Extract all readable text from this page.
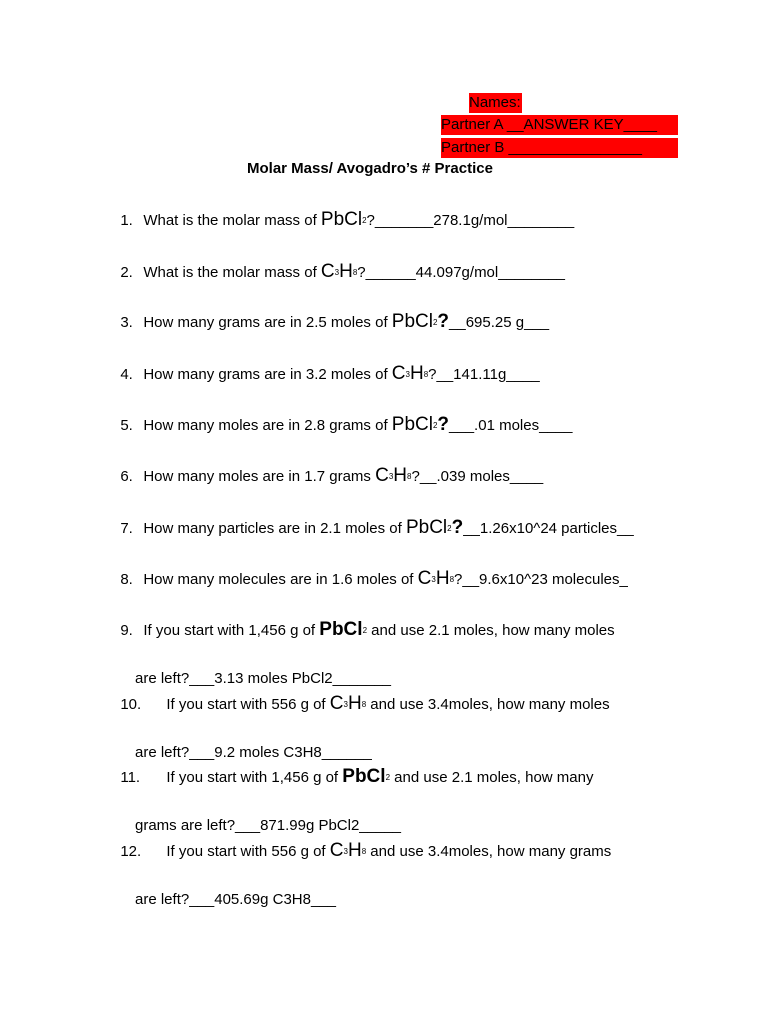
Names:
Partner A __ANSWER KEY____
Partner B ________________
Molar Mass/ Avogadro’s # Practice

1. What is the molar mass of PbCl2?_______278.1g/mol________

2. What is the molar mass of C3H8?______44.097g/mol________

3. How many grams are in 2.5 moles of PbCl2?__695.25 g___

4. How many grams are in 3.2 moles of C3H8?__141.11g____

5. How many moles are in 2.8 grams of PbCl2?___.01 moles____

6. How many moles are in 1.7 grams C3H8?__.039 moles____

7. How many particles are in 2.1 moles of PbCl2?__1.26x10^24 particles__

8. How many molecules are in 1.6 moles of C3H8?__9.6x10^23 molecules_

9. If you start with 1,456 g of PbCl2 and use 2.1 moles, how many moles

are left?___3.13 moles PbCl2_______

10. If you start with 556 g of C3H8 and use 3.4moles, how many moles

are left?___9.2 moles C3H8______

11. If you start with 1,456 g of PbCl2 and use 2.1 moles, how many

grams are left?___871.99g PbCl2_____

12. If you start with 556 g of C3H8 and use 3.4moles, how many grams

are left?___405.69g C3H8___
